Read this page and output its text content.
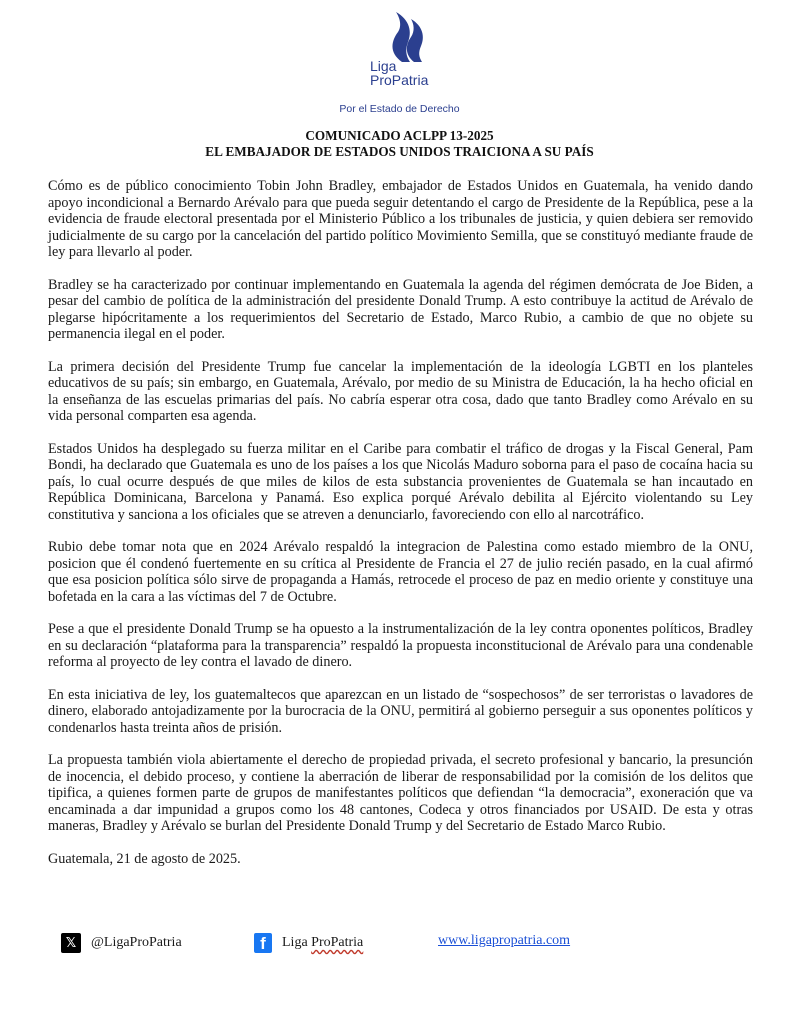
Liga
ProPatria
Por el Estado de Derecho
COMUNICADO ACLPP 13-2025
EL EMBAJADOR DE ESTADOS UNIDOS TRAICIONA A SU PAÍS

Cómo es de público conocimiento Tobin John Bradley, embajador de Estados Unidos en Guatemala, ha venido dando apoyo incondicional a Bernardo Arévalo para que pueda seguir detentando el cargo de Presidente de la República, pese a la evidencia de fraude electoral presentada por el Ministerio Público a los tribunales de justicia, y quien debiera ser removido judicialmente de su cargo por la cancelación del partido político Movimiento Semilla, que se constituyó mediante fraude de ley para llevarlo al poder.

Bradley se ha caracterizado por continuar implementando en Guatemala la agenda del régimen demócrata de Joe Biden, a pesar del cambio de política de la administración del presidente Donald Trump. A esto contribuye la actitud de Arévalo de plegarse hipócritamente a los requerimientos del Secretario de Estado, Marco Rubio, a cambio de que no objete su permanencia ilegal en el poder.

La primera decisión del Presidente Trump fue cancelar la implementación de la ideología LGBTI en los planteles educativos de su país; sin embargo, en Guatemala, Arévalo, por medio de su Ministra de Educación, la ha hecho oficial en la enseñanza de las escuelas primarias del país. No cabría esperar otra cosa, dado que tanto Bradley como Arévalo en su vida personal comparten esa agenda.

Estados Unidos ha desplegado su fuerza militar en el Caribe para combatir el tráfico de drogas y la Fiscal General, Pam Bondi, ha declarado que Guatemala es uno de los países a los que Nicolás Maduro soborna para el paso de cocaína hacia su país, lo cual ocurre después de que miles de kilos de esta substancia provenientes de Guatemala se han incautado en República Dominicana, Barcelona y Panamá. Eso explica porqué Arévalo debilita al Ejército violentando su Ley constitutiva y sanciona a los oficiales que se atreven a denunciarlo, favoreciendo con ello al narcotráfico.

Rubio debe tomar nota que en 2024 Arévalo respaldó la integracion de Palestina como estado miembro de la ONU, posicion que él condenó fuertemente en su crítica al Presidente de Francia el 27 de julio recién pasado, en la cual afirmó que esa posicion política sólo sirve de propaganda a Hamás, retrocede el proceso de paz en medio oriente y constituye una bofetada en la cara a las víctimas del 7 de Octubre.

Pese a que el presidente Donald Trump se ha opuesto a la instrumentalización de la ley contra oponentes políticos, Bradley en su declaración “plataforma para la transparencia” respaldó la propuesta inconstitucional de Arévalo para una condenable reforma al proyecto de ley contra el lavado de dinero.

En esta iniciativa de ley, los guatemaltecos que aparezcan en un listado de “sospechosos” de ser terroristas o lavadores de dinero, elaborado antojadizamente por la burocracia de la ONU, permitirá al gobierno perseguir a sus oponentes políticos y condenarlos hasta treinta años de prisión.

La propuesta también viola abiertamente el derecho de propiedad privada, el secreto profesional y bancario, la presunción de inocencia, el debido proceso, y contiene la aberración de liberar de responsabilidad por la comisión de los delitos que tipifica, a quienes formen parte de grupos de manifestantes políticos que defiendan “la democracia”, exoneración que va encaminada a dar impunidad a grupos como los 48 cantones, Codeca y otros financiados por USAID. De esta y otras maneras, Bradley y Arévalo se burlan del Presidente Donald Trump y del Secretario de Estado Marco Rubio.

Guatemala, 21 de agosto de 2025.

𝕏	@LigaProPatria	f	Liga ProPatria	www.ligapropatria.com
